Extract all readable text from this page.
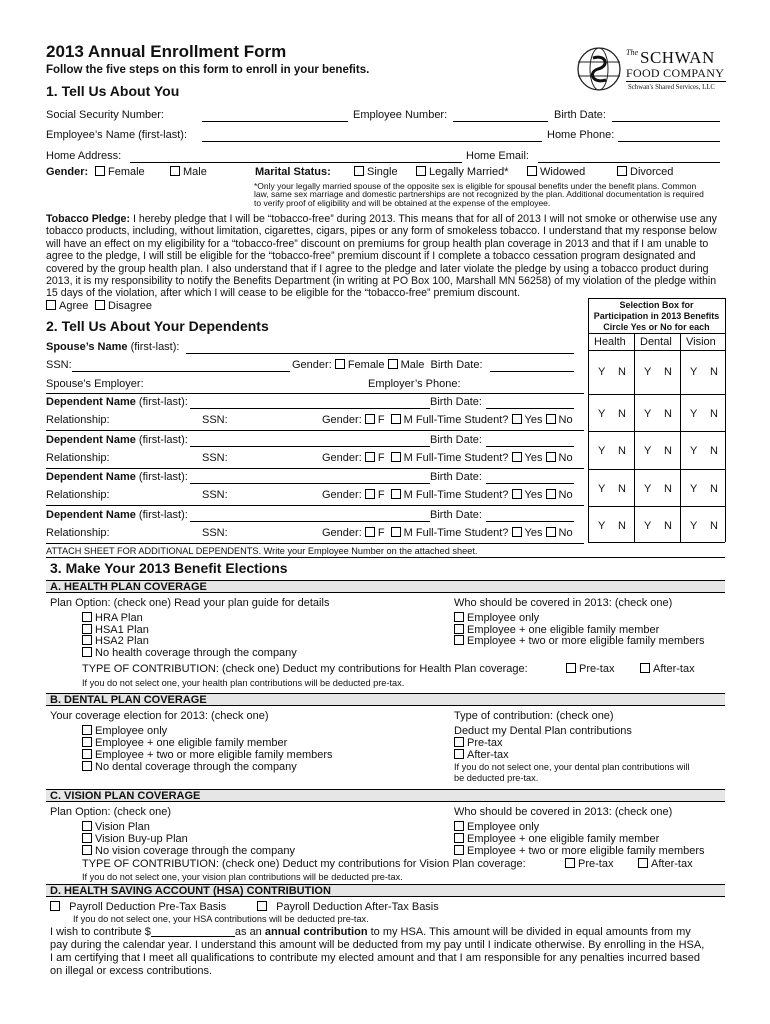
2013 Annual Enrollment Form
Follow the five steps on this form to enroll in your benefits.
The SCHWAN
FOOD COMPANY
Schwan's Shared Services, LLC
1. Tell Us About You
Social Security Number:	Employee Number:	Birth Date:
Employee’s Name (first-last):	Home Phone:
Home Address:	Home Email:
Gender:	Female	Male	Marital Status:	Single	Legally Married*	Widowed	Divorced
*Only your legally married spouse of the opposite sex is eligible for spousal benefits under the benefit plans. Common
law, same sex marriage and domestic partnerships are not recognized by the plan. Additional documentation is required
to verify proof of eligibility and will be obtained at the expense of the employee.
Tobacco Pledge: I hereby pledge that I will be “tobacco-free” during 2013. This means that for all of 2013 I will not smoke or otherwise use any tobacco products, including, without limitation, cigarettes, cigars, pipes or any form of smokeless tobacco. I understand that my response below will have an effect on my eligibility for a “tobacco-free” discount on premiums for group health plan coverage in 2013 and that if I am unable to agree to the pledge, I will still be eligible for the “tobacco-free” premium discount if I complete a tobacco cessation program designated and covered by the group health plan. I also understand that if I agree to the pledge and later violate the pledge by using a tobacco product during 2013, it is my responsibility to notify the Benefits Department (in writing at PO Box 100, Marshall MN 56258) of my violation of the pledge within 15 days of the violation, after which I will cease to be eligible for the “tobacco-free” premium discount.
Agree	Disagree
2. Tell Us About Your Dependents
Selection Box for
Participation in 2013 Benefits
Circle Yes or No for each
Health Dental Vision
Y N Y N Y N
Y N Y N Y N
Y N Y N Y N
Y N Y N Y N
Y N Y N Y N
Spouse’s Name (first-last):
SSN:	Gender: Female Male Birth Date:
Spouse’s Employer:	Employer’s Phone:
Dependent Name (first-last):	Birth Date:
Relationship:	SSN:	Gender: F M Full-Time Student? Yes No
Dependent Name (first-last):	Birth Date:
Relationship:	SSN:	Gender: F M Full-Time Student? Yes No
Dependent Name (first-last):	Birth Date:
Relationship:	SSN:	Gender: F M Full-Time Student? Yes No
Dependent Name (first-last):	Birth Date:
Relationship:	SSN:	Gender: F M Full-Time Student? Yes No
ATTACH SHEET FOR ADDITIONAL DEPENDENTS. Write your Employee Number on the attached sheet.
3. Make Your 2013 Benefit Elections
A. HEALTH PLAN COVERAGE
Plan Option: (check one) Read your plan guide for details	Who should be covered in 2013: (check one)
HRA Plan
HSA1 Plan
HSA2 Plan
No health coverage through the company
Employee only
Employee + one eligible family member
Employee + two or more eligible family members
TYPE OF CONTRIBUTION: (check one) Deduct my contributions for Health Plan coverage:	Pre-tax	After-tax
If you do not select one, your health plan contributions will be deducted pre-tax.
B. DENTAL PLAN COVERAGE
Your coverage election for 2013: (check one)	Type of contribution: (check one)
Employee only
Employee + one eligible family member
Employee + two or more eligible family members
No dental coverage through the company
Deduct my Dental Plan contributions
Pre-tax
After-tax
If you do not select one, your dental plan contributions will
be deducted pre-tax.
C. VISION PLAN COVERAGE
Plan Option: (check one)	Who should be covered in 2013: (check one)
Vision Plan
Vision Buy-up Plan
No vision coverage through the company
Employee only
Employee + one eligible family member
Employee + two or more eligible family members
TYPE OF CONTRIBUTION: (check one) Deduct my contributions for Vision Plan coverage:	Pre-tax	After-tax
If you do not select one, your vision plan contributions will be deducted pre-tax.
D. HEALTH SAVING ACCOUNT (HSA) CONTRIBUTION
Payroll Deduction Pre-Tax Basis	Payroll Deduction After-Tax Basis
If you do not select one, your HSA contributions will be deducted pre-tax.
I wish to contribute $	as an annual contribution to my HSA. This amount will be divided in equal amounts from my
pay during the calendar year. I understand this amount will be deducted from my pay until I indicate otherwise. By enrolling in the HSA,
I am certifying that I meet all qualifications to contribute my elected amount and that I am responsible for any penalties incurred based
on illegal or excess contributions.
